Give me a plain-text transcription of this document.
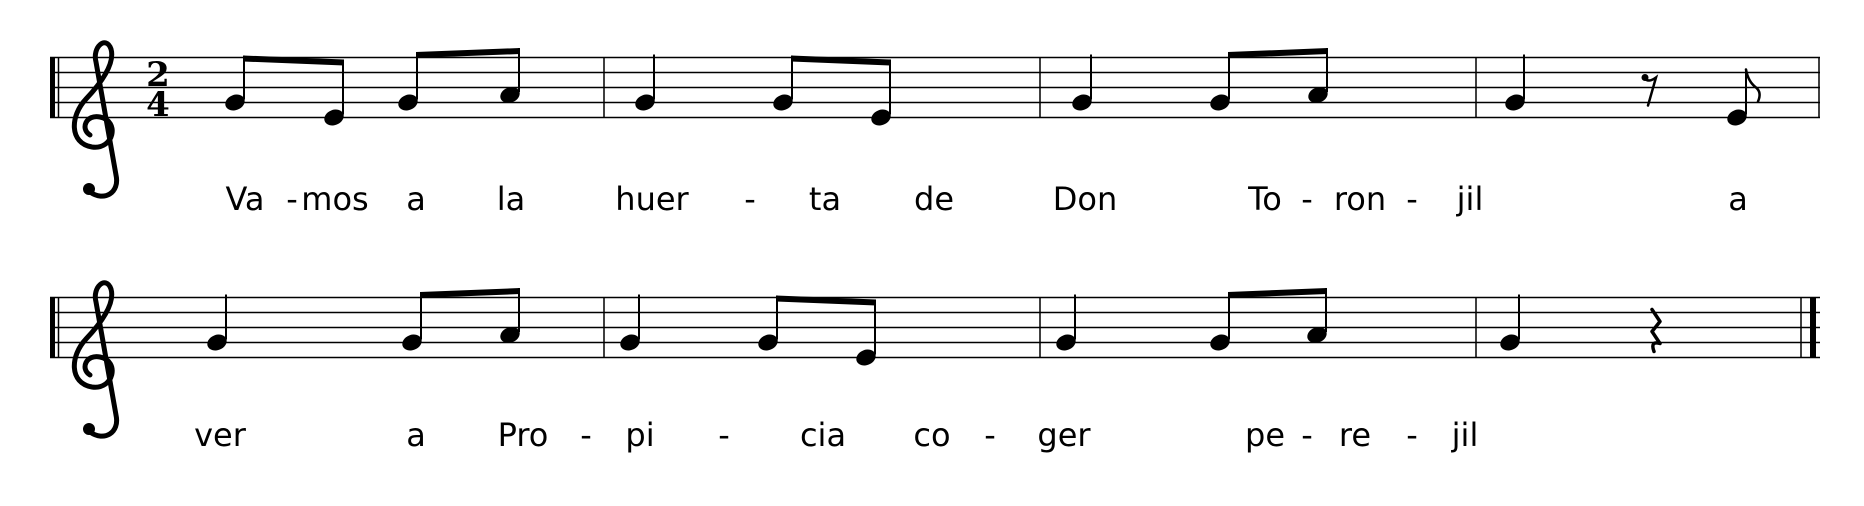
2
4
Va - mos a la	huer - ta de	Don	To - ron - jil	a
ver	a Pro - pi - cia co - ger	pe - re - jil
